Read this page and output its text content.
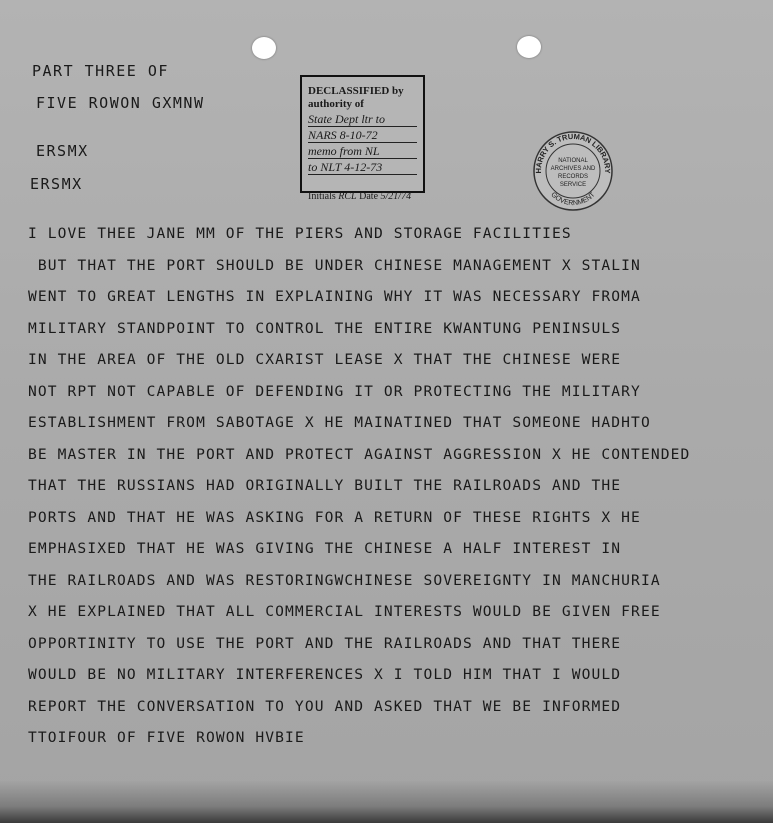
PART THREE OF
FIVE ROWON GXMNW
ERSMX
ERSMX
DECLASSIFIED by authority of
State Dept ltr to
NARS 8-10-72
memo from NL
to NLT 4-12-73
Initials RCL Date 5/21/74
HARRY S. TRUMAN LIBRARY
GOVERNMENT
NATIONAL
ARCHIVES AND
RECORDS
SERVICE
I LOVE THEE JANE MM OF THE PIERS AND STORAGE FACILITIES
BUT THAT THE PORT SHOULD BE UNDER CHINESE MANAGEMENT X STALIN
WENT TO GREAT LENGTHS IN EXPLAINING WHY IT WAS NECESSARY FROMA
MILITARY STANDPOINT TO CONTROL THE ENTIRE KWANTUNG PENINSULS
IN THE AREA OF THE OLD CXARIST LEASE X THAT THE CHINESE WERE
NOT RPT NOT CAPABLE OF DEFENDING IT OR PROTECTING THE MILITARY
ESTABLISHMENT FROM SABOTAGE X HE MAINATINED THAT SOMEONE HADHTO
BE MASTER IN THE PORT AND PROTECT AGAINST AGGRESSION X HE CONTENDED
THAT THE RUSSIANS HAD ORIGINALLY BUILT THE RAILROADS AND THE
PORTS AND THAT HE WAS ASKING FOR A RETURN OF THESE RIGHTS X HE
EMPHASIXED THAT HE WAS GIVING THE CHINESE A HALF INTEREST IN
THE RAILROADS AND WAS RESTORINGWCHINESE SOVEREIGNTY IN MANCHURIA
X HE EXPLAINED THAT ALL COMMERCIAL INTERESTS WOULD BE GIVEN FREE
OPPORTINITY TO USE THE PORT AND THE RAILROADS AND THAT THERE
WOULD BE NO MILITARY INTERFERENCES X I TOLD HIM THAT I WOULD
REPORT THE CONVERSATION TO YOU AND ASKED THAT WE BE INFORMED
TTOIFOUR OF FIVE ROWON HVBIE
